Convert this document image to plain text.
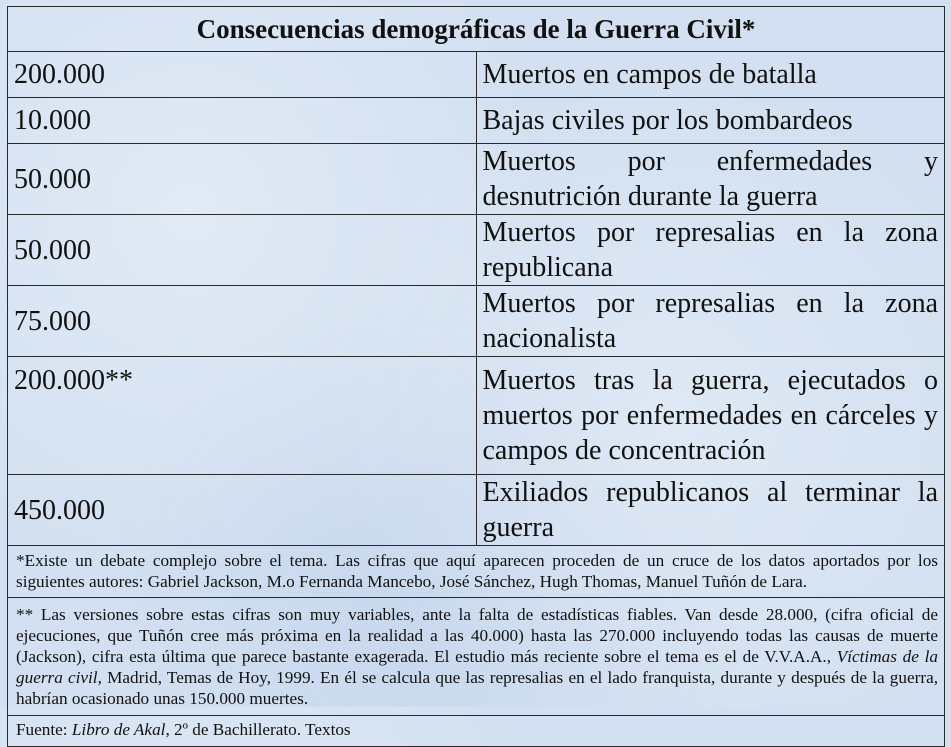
Consecuencias demográficas de la Guerra Civil*	
200.000	Muertos en campos de batalla
10.000	Bajas civiles por los bombardeos
50.000	Muertos por enfermedades y desnutrición durante la guerra
50.000	Muertos por represalias en la zona republicana
75.000	Muertos por represalias en la zona nacionalista
200.000**	Muertos tras la guerra, ejecutados o muertos por enfermedades en cárceles y campos de concentración
450.000	Exiliados republicanos al terminar la guerra
*Existe un debate complejo sobre el tema. Las cifras que aquí aparecen proceden de un cruce de los datos aportados por los siguientes autores: Gabriel Jackson, M.o Fernanda Mancebo, José Sánchez, Hugh Thomas, Manuel Tuñón de Lara.	
** Las versiones sobre estas cifras son muy variables, ante la falta de estadísticas fiables. Van desde 28.000, (cifra oficial de ejecuciones, que Tuñón cree más próxima en la realidad a las 40.000) hasta las 270.000 incluyendo todas las causas de muerte (Jackson), cifra esta última que parece bastante exagerada. El estudio más reciente sobre el tema es el de V.V.A.A., Víctimas de la guerra civil, Madrid, Temas de Hoy, 1999. En él se calcula que las represalias en el lado franquista, durante y después de la guerra, habrían ocasionado unas 150.000 muertes.	
Fuente: Libro de Akal, 2º de Bachillerato. Textos	
